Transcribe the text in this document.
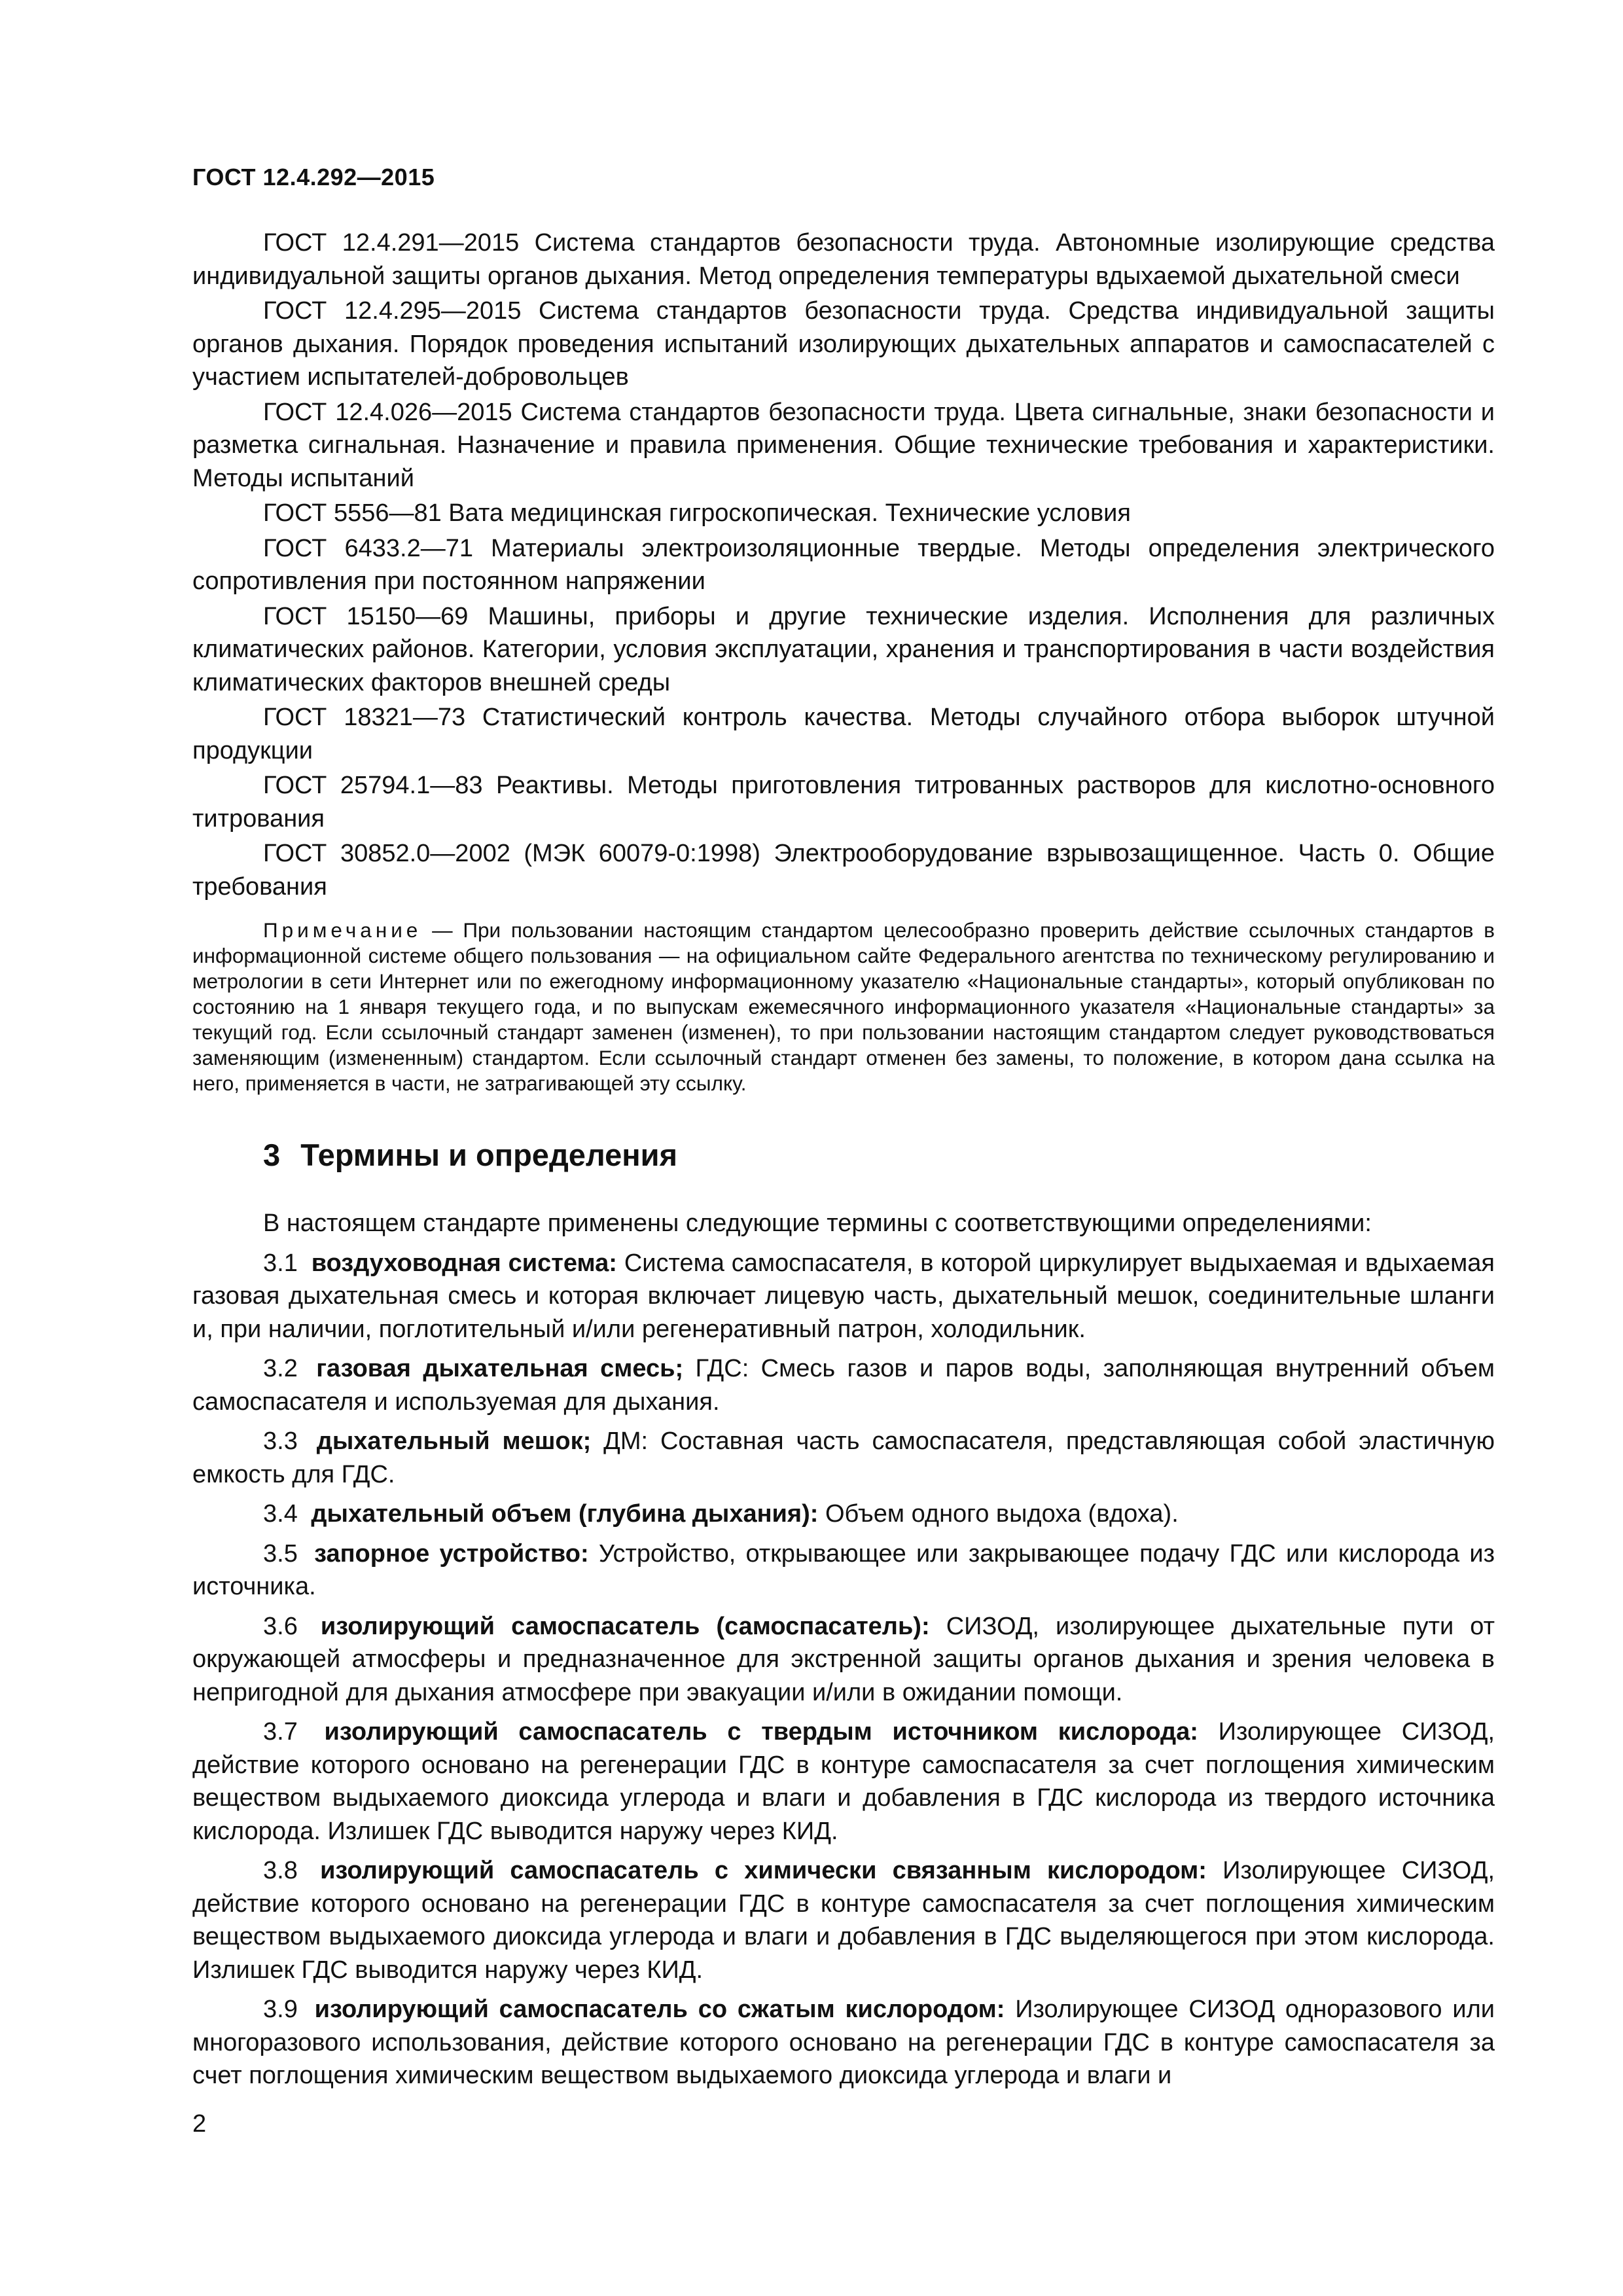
ГОСТ 12.4.292—2015

ГОСТ 12.4.291—2015 Система стандартов безопасности труда. Автономные изолирующие средства индивидуальной защиты органов дыхания. Метод определения температуры вдыхаемой дыхательной смеси

ГОСТ 12.4.295—2015 Система стандартов безопасности труда. Средства индивидуальной защиты органов дыхания. Порядок проведения испытаний изолирующих дыхательных аппаратов и самоспасателей с участием испытателей-добровольцев

ГОСТ 12.4.026—2015 Система стандартов безопасности труда. Цвета сигнальные, знаки безопасности и разметка сигнальная. Назначение и правила применения. Общие технические требования и характеристики. Методы испытаний

ГОСТ 5556—81 Вата медицинская гигроскопическая. Технические условия

ГОСТ 6433.2—71 Материалы электроизоляционные твердые. Методы определения электрического сопротивления при постоянном напряжении

ГОСТ 15150—69 Машины, приборы и другие технические изделия. Исполнения для различных климатических районов. Категории, условия эксплуатации, хранения и транспортирования в части воздействия климатических факторов внешней среды

ГОСТ 18321—73 Статистический контроль качества. Методы случайного отбора выборок штучной продукции

ГОСТ 25794.1—83 Реактивы. Методы приготовления титрованных растворов для кислотно-основного титрования

ГОСТ 30852.0—2002 (МЭК 60079-0:1998) Электрооборудование взрывозащищенное. Часть 0. Общие требования

Примечание — При пользовании настоящим стандартом целесообразно проверить действие ссылочных стандартов в информационной системе общего пользования — на официальном сайте Федерального агентства по техническому регулированию и метрологии в сети Интернет или по ежегодному информационному указателю «Национальные стандарты», который опубликован по состоянию на 1 января текущего года, и по выпускам ежемесячного информационного указателя «Национальные стандарты» за текущий год. Если ссылочный стандарт заменен (изменен), то при пользовании настоящим стандартом следует руководствоваться заменяющим (измененным) стандартом. Если ссылочный стандарт отменен без замены, то положение, в котором дана ссылка на него, применяется в части, не затрагивающей эту ссылку.

3 Термины и определения

В настоящем стандарте применены следующие термины с соответствующими определениями:

3.1 воздуховодная система: Система самоспасателя, в которой циркулирует выдыхаемая и вдыхаемая газовая дыхательная смесь и которая включает лицевую часть, дыхательный мешок, соединительные шланги и, при наличии, поглотительный и/или регенеративный патрон, холодильник.

3.2 газовая дыхательная смесь; ГДС: Смесь газов и паров воды, заполняющая внутренний объем самоспасателя и используемая для дыхания.

3.3 дыхательный мешок; ДМ: Составная часть самоспасателя, представляющая собой эластичную емкость для ГДС.

3.4 дыхательный объем (глубина дыхания): Объем одного выдоха (вдоха).

3.5 запорное устройство: Устройство, открывающее или закрывающее подачу ГДС или кислорода из источника.

3.6 изолирующий самоспасатель (самоспасатель): СИЗОД, изолирующее дыхательные пути от окружающей атмосферы и предназначенное для экстренной защиты органов дыхания и зрения человека в непригодной для дыхания атмосфере при эвакуации и/или в ожидании помощи.

3.7 изолирующий самоспасатель с твердым источником кислорода: Изолирующее СИЗОД, действие которого основано на регенерации ГДС в контуре самоспасателя за счет поглощения химическим веществом выдыхаемого диоксида углерода и влаги и добавления в ГДС кислорода из твердого источника кислорода. Излишек ГДС выводится наружу через КИД.

3.8 изолирующий самоспасатель с химически связанным кислородом: Изолирующее СИЗОД, действие которого основано на регенерации ГДС в контуре самоспасателя за счет поглощения химическим веществом выдыхаемого диоксида углерода и влаги и добавления в ГДС выделяющегося при этом кислорода. Излишек ГДС выводится наружу через КИД.

3.9 изолирующий самоспасатель со сжатым кислородом: Изолирующее СИЗОД одноразового или многоразового использования, действие которого основано на регенерации ГДС в контуре самоспасателя за счет поглощения химическим веществом выдыхаемого диоксида углерода и влаги и

2
